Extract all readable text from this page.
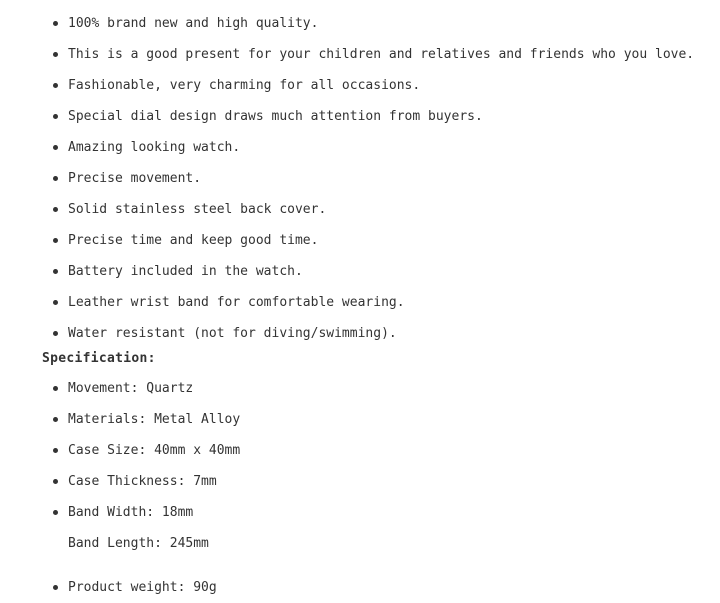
100% brand new and high quality.
This is a good present for your children and relatives and friends who you love.
Fashionable, very charming for all occasions.
Special dial design draws much attention from buyers.
Amazing looking watch.
Precise movement.
Solid stainless steel back cover.
Precise time and keep good time.
Battery included in the watch.
Leather wrist band for comfortable wearing.
Water resistant (not for diving/swimming).
Specification:
Movement: Quartz
Materials: Metal Alloy
Case Size: 40mm x 40mm
Case Thickness: 7mm
Band Width: 18mm
Band Length: 245mm
Product weight: 90g
